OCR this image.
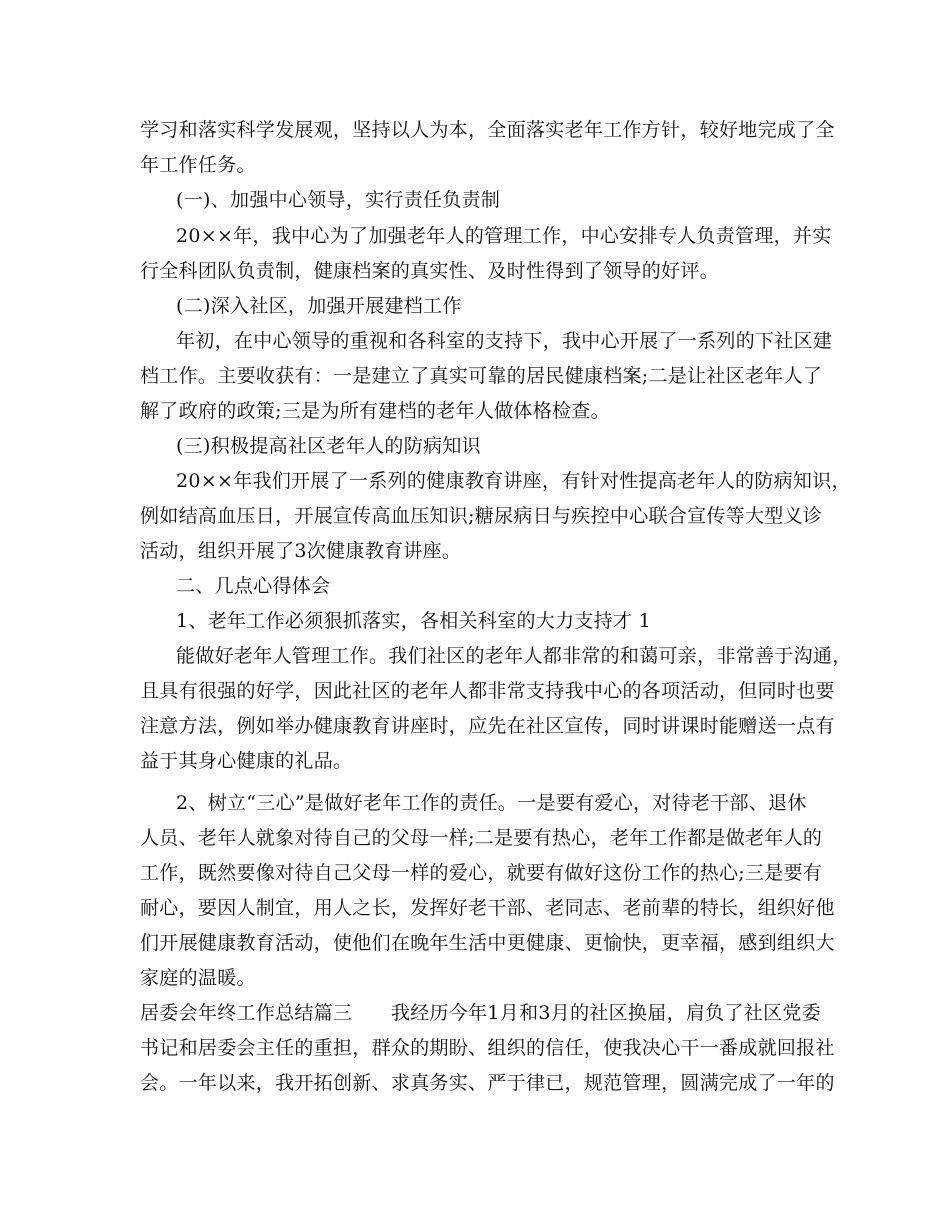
学习和落实科学发展观，坚持以人为本，全面落实老年工作方针，较好地完成了全
年工作任务。
(一)、加强中心领导，实行责任负责制
20××年，我中心为了加强老年人的管理工作，中心安排专人负责管理，并实
行全科团队负责制，健康档案的真实性、及时性得到了领导的好评。
(二)深入社区，加强开展建档工作
年初，在中心领导的重视和各科室的支持下，我中心开展了一系列的下社区建
档工作。主要收获有：一是建立了真实可靠的居民健康档案;二是让社区老年人了
解了政府的政策;三是为所有建档的老年人做体格检查。
(三)积极提高社区老年人的防病知识
20××年我们开展了一系列的健康教育讲座，有针对性提高老年人的防病知识，
例如结高血压日，开展宣传高血压知识;糖尿病日与疾控中心联合宣传等大型义诊
活动，组织开展了3次健康教育讲座。
二、几点心得体会
1、老年工作必须狠抓落实，各相关科室的大力支持才 1
能做好老年人管理工作。我们社区的老年人都非常的和蔼可亲，非常善于沟通，
且具有很强的好学，因此社区的老年人都非常支持我中心的各项活动，但同时也要
注意方法，例如举办健康教育讲座时，应先在社区宣传，同时讲课时能赠送一点有
益于其身心健康的礼品。
2、树立“三心”是做好老年工作的责任。一是要有爱心，对待老干部、退休
人员、老年人就象对待自己的父母一样;二是要有热心，老年工作都是做老年人的
工作，既然要像对待自己父母一样的爱心，就要有做好这份工作的热心;三是要有
耐心，要因人制宜，用人之长，发挥好老干部、老同志、老前辈的特长，组织好他
们开展健康教育活动，使他们在晚年生活中更健康、更愉快，更幸福，感到组织大
家庭的温暖。
居委会年终工作总结篇三　　我经历今年1月和3月的社区换届，肩负了社区党委
书记和居委会主任的重担，群众的期盼、组织的信任，使我决心干一番成就回报社
会。一年以来，我开拓创新、求真务实、严于律已，规范管理，圆满完成了一年的
